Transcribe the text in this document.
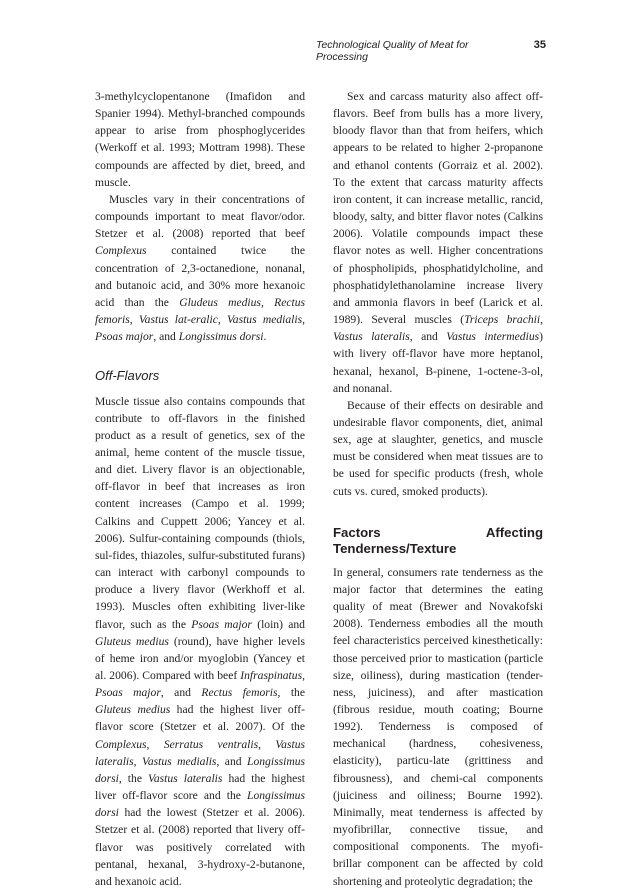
Technological Quality of Meat for Processing
35

3-methylcyclopentanone (Imafidon and Spanier 1994). Methyl-branched compounds appear to arise from phosphoglycerides (Werkoff et al. 1993; Mottram 1998). These compounds are affected by diet, breed, and muscle.

Muscles vary in their concentrations of compounds important to meat flavor/odor. Stetzer et al. (2008) reported that beef Complexus contained twice the concentration of 2,3-octanedione, nonanal, and butanoic acid, and 30% more hexanoic acid than the Gludeus medius, Rectus femoris, Vastus lat-eralic, Vastus medialis, Psoas major, and Longissimus dorsi.

Off-Flavors

Muscle tissue also contains compounds that contribute to off-flavors in the finished product as a result of genetics, sex of the animal, heme content of the muscle tissue, and diet. Livery flavor is an objectionable, off-flavor in beef that increases as iron content increases (Campo et al. 1999; Calkins and Cuppett 2006; Yancey et al. 2006). Sulfur-containing compounds (thiols, sul-fides, thiazoles, sulfur-substituted furans) can interact with carbonyl compounds to produce a livery flavor (Werkhoff et al. 1993). Muscles often exhibiting liver-like flavor, such as the Psoas major (loin) and Gluteus medius (round), have higher levels of heme iron and/or myoglobin (Yancey et al. 2006). Compared with beef Infraspinatus, Psoas major, and Rectus femoris, the Gluteus medius had the highest liver off-flavor score (Stetzer et al. 2007). Of the Complexus, Serratus ventralis, Vastus lateralis, Vastus medialis, and Longissimus dorsi, the Vastus lateralis had the highest liver off-flavor score and the Longissimus dorsi had the lowest (Stetzer et al. 2006). Stetzer et al. (2008) reported that livery off-flavor was positively correlated with pentanal, hexanal, 3-hydroxy-2-butanone, and hexanoic acid.

Sex and carcass maturity also affect off-flavors. Beef from bulls has a more livery, bloody flavor than that from heifers, which appears to be related to higher 2-propanone and ethanol contents (Gorraiz et al. 2002). To the extent that carcass maturity affects iron content, it can increase metallic, rancid, bloody, salty, and bitter flavor notes (Calkins 2006). Volatile compounds impact these flavor notes as well. Higher concentrations of phospholipids, phosphatidylcholine, and phosphatidylethanolamine increase livery and ammonia flavors in beef (Larick et al. 1989). Several muscles (Triceps brachii, Vastus lateralis, and Vastus intermedius) with livery off-flavor have more heptanol, hexanal, hexanol, B-pinene, 1-octene-3-ol, and nonanal.

Because of their effects on desirable and undesirable flavor components, diet, animal sex, age at slaughter, genetics, and muscle must be considered when meat tissues are to be used for specific products (fresh, whole cuts vs. cured, smoked products).

Factors Affecting Tenderness/Texture

In general, consumers rate tenderness as the major factor that determines the eating quality of meat (Brewer and Novakofski 2008). Tenderness embodies all the mouth feel characteristics perceived kinesthetically: those perceived prior to mastication (particle size, oiliness), during mastication (tender-ness, juiciness), and after mastication (fibrous residue, mouth coating; Bourne 1992). Tenderness is composed of mechanical (hardness, cohesiveness, elasticity), particu-late (grittiness and fibrousness), and chemi-cal components (juiciness and oiliness; Bourne 1992). Minimally, meat tenderness is affected by myofibrillar, connective tissue, and compositional components. The myofi-brillar component can be affected by cold shortening and proteolytic degradation; the
